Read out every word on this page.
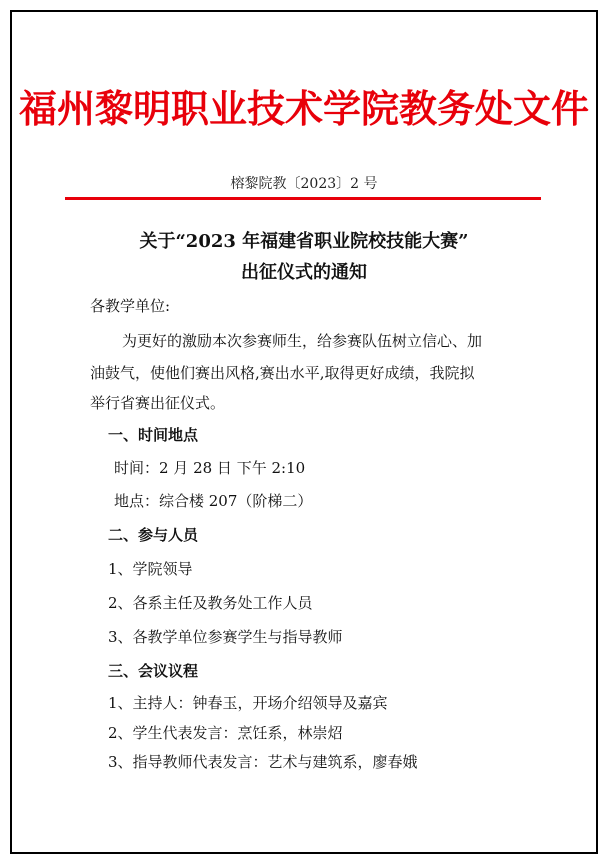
福州黎明职业技术学院教务处文件
榕黎院教〔2023〕2 号
关于“2023 年福建省职业院校技能大赛”
出征仪式的通知
各教学单位:
为更好的激励本次参赛师生，给参赛队伍树立信心、加
油鼓气，使他们赛出风格,赛出水平,取得更好成绩，我院拟
举行省赛出征仪式。
一、时间地点
时间：2 月 28 日 下午 2:10
地点：综合楼 207（阶梯二）
二、参与人员
1、学院领导
2、各系主任及教务处工作人员
3、各教学单位参赛学生与指导教师
三、会议议程
1、主持人：钟春玉，开场介绍领导及嘉宾
2、学生代表发言：烹饪系，林崇炤
3、指导教师代表发言：艺术与建筑系，廖春娥
